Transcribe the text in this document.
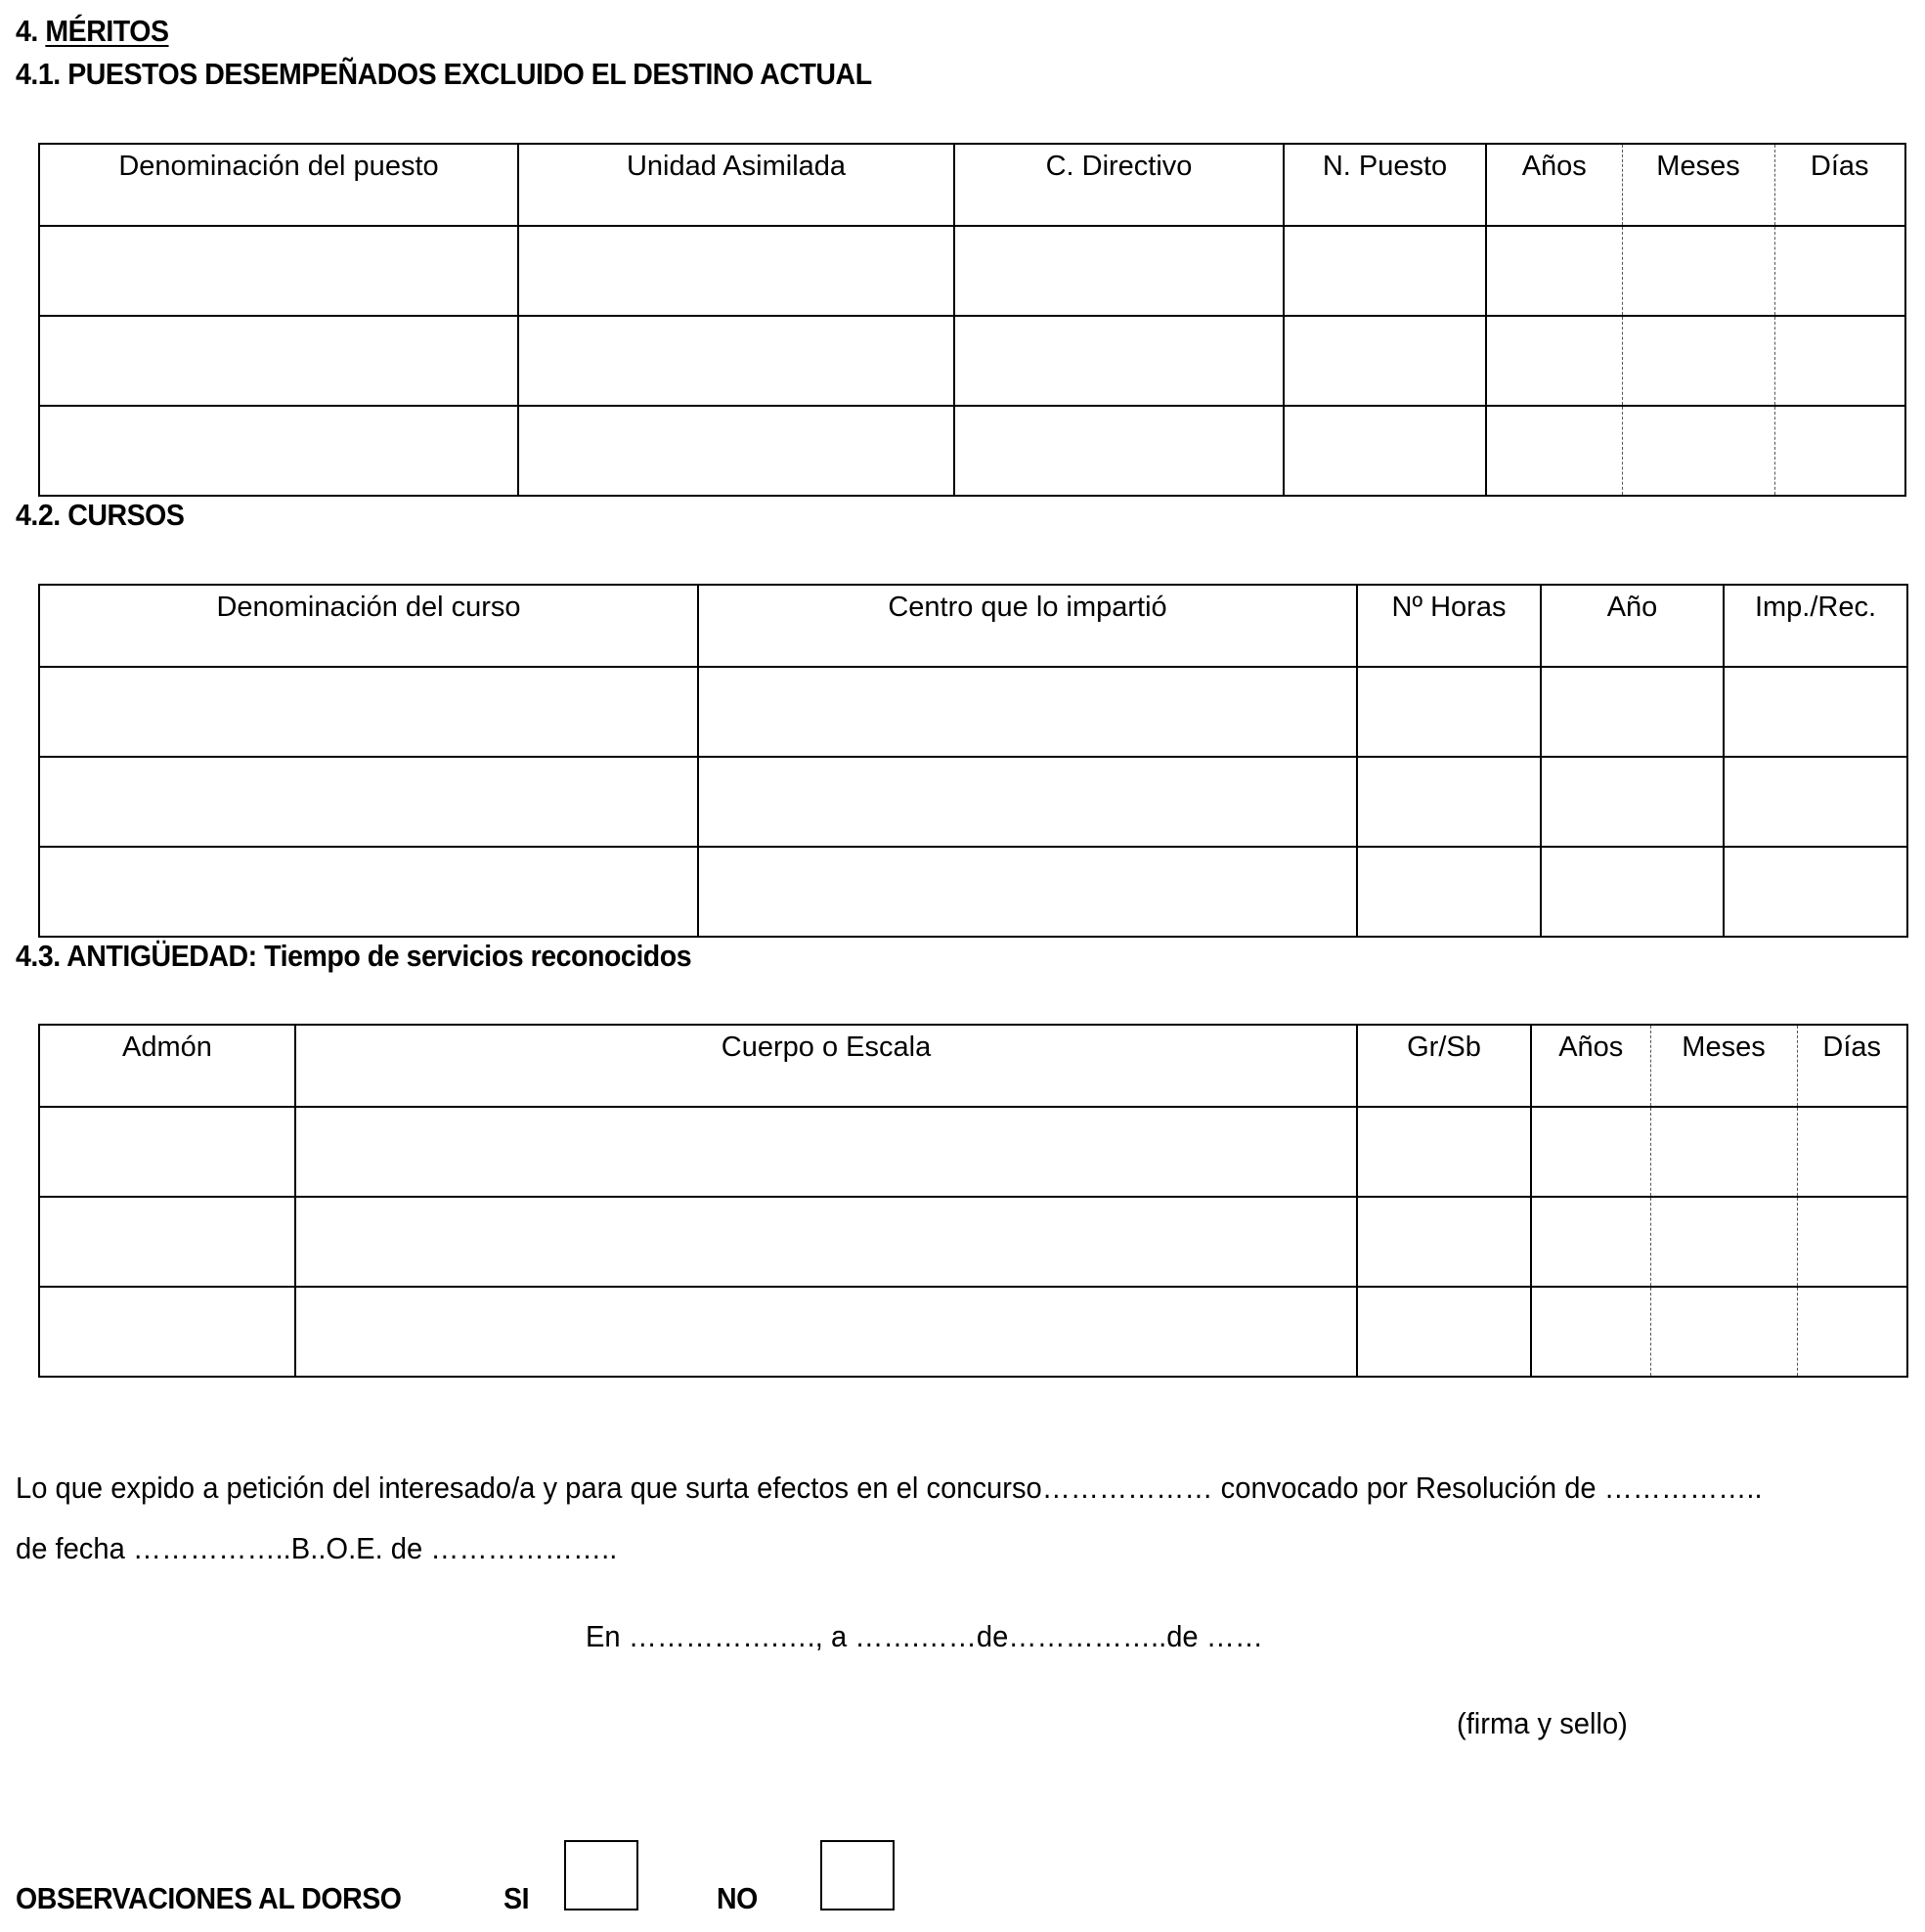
4. MÉRITOS
4.1. PUESTOS DESEMPEÑADOS EXCLUIDO EL DESTINO ACTUAL
Denominación del puesto	Unidad Asimilada	C. Directivo	N. Puesto	Años	Meses	Días

4.2. CURSOS
Denominación del curso	Centro que lo impartió	Nº Horas	Año	Imp./Rec.

4.3. ANTIGÜEDAD: Tiempo de servicios reconocidos
Admón	Cuerpo o Escala	Gr/Sb	Años	Meses	Días

Lo que expido a petición del interesado/a y para que surta efectos en el concurso……………… convocado por Resolución de ……………..
de fecha ……………..B..O.E. de ………………..
En …………….…., a …….……de……………..de ……
(firma y sello)
OBSERVACIONES AL DORSO	SI	NO
